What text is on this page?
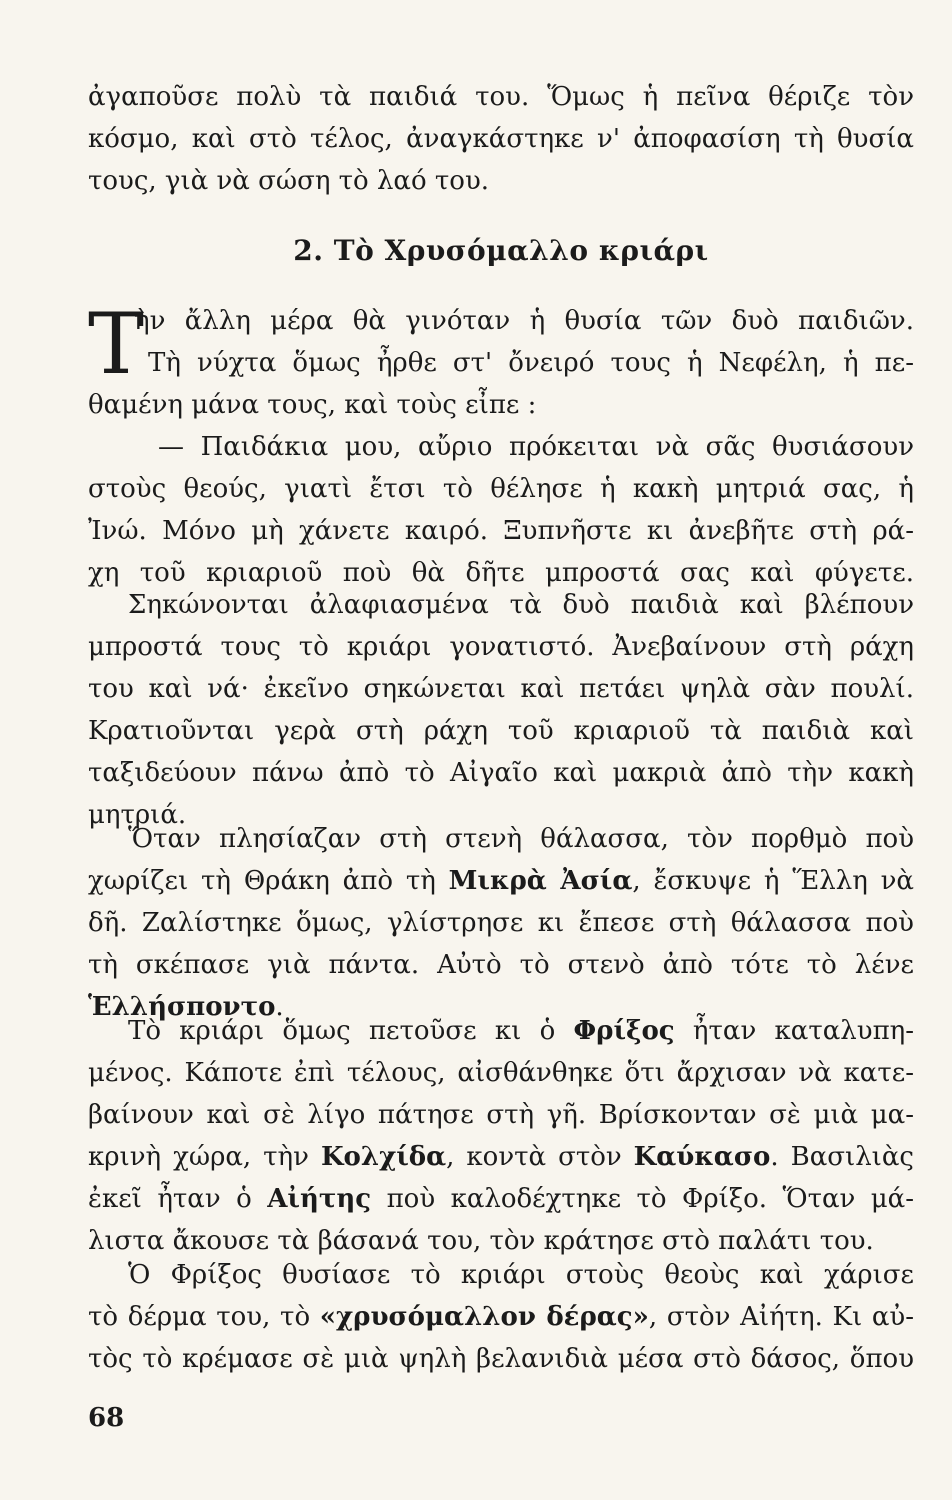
ἀγαποῦσε πολὺ τὰ παιδιά του. Ὅμως ἡ πεῖνα θέριζε τὸν
κόσμο, καὶ στὸ τέλος, ἀναγκάστηκε ν' ἀποφασίση τὴ θυσία
τους, γιὰ νὰ σώση τὸ λαό του.
2. Τὸ Χρυσόμαλλο κριάρι
Τ
ὴν ἄλλη μέρα θὰ γινόταν ἡ θυσία τῶν δυὸ παιδιῶν.
Τὴ νύχτα ὅμως ἦρθε στ' ὄνειρό τους ἡ Νεφέλη, ἡ πε-
θαμένη μάνα τους, καὶ τοὺς εἶπε :
— Παιδάκια μου, αὔριο πρόκειται νὰ σᾶς θυσιάσουν
στοὺς θεούς, γιατὶ ἔτσι τὸ θέλησε ἡ κακὴ μητριά σας, ἡ
Ἰνώ. Μόνο μὴ χάνετε καιρό. Ξυπνῆστε κι ἀνεβῆτε στὴ ρά-
χη τοῦ κριαριοῦ ποὺ θὰ δῆτε μπροστά σας καὶ φύγετε.
Σηκώνονται ἀλαφιασμένα τὰ δυὸ παιδιὰ καὶ βλέπουν
μπροστά τους τὸ κριάρι γονατιστό. Ἀνεβαίνουν στὴ ράχη
του καὶ νά· ἐκεῖνο σηκώνεται καὶ πετάει ψηλὰ σὰν πουλί.
Κρατιοῦνται γερὰ στὴ ράχη τοῦ κριαριοῦ τὰ παιδιὰ καὶ
ταξιδεύουν πάνω ἀπὸ τὸ Αἰγαῖο καὶ μακριὰ ἀπὸ τὴν κακὴ
μητριά.
Ὅταν πλησίαζαν στὴ στενὴ θάλασσα, τὸν πορθμὸ ποὺ
χωρίζει τὴ Θράκη ἀπὸ τὴ Μικρὰ Ἀσία, ἔσκυψε ἡ Ἕλλη νὰ
δῆ. Ζαλίστηκε ὅμως, γλίστρησε κι ἔπεσε στὴ θάλασσα ποὺ
τὴ σκέπασε γιὰ πάντα. Αὐτὸ τὸ στενὸ ἀπὸ τότε τὸ λένε
Ἑλλήσποντο.
Τὸ κριάρι ὅμως πετοῦσε κι ὁ Φρίξος ἦταν καταλυπη-
μένος. Κάποτε ἐπὶ τέλους, αἰσθάνθηκε ὅτι ἄρχισαν νὰ κατε-
βαίνουν καὶ σὲ λίγο πάτησε στὴ γῆ. Βρίσκονταν σὲ μιὰ μα-
κρινὴ χώρα, τὴν Κολχίδα, κοντὰ στὸν Καύκασο. Βασιλιὰς
ἐκεῖ ἦταν ὁ Αἰήτης ποὺ καλοδέχτηκε τὸ Φρίξο. Ὅταν μά-
λιστα ἄκουσε τὰ βάσανά του, τὸν κράτησε στὸ παλάτι του.
Ὁ Φρίξος θυσίασε τὸ κριάρι στοὺς θεοὺς καὶ χάρισε
τὸ δέρμα του, τὸ «χρυσόμαλλον δέρας», στὸν Αἰήτη. Κι αὐ-
τὸς τὸ κρέμασε σὲ μιὰ ψηλὴ βελανιδιὰ μέσα στὸ δάσος, ὅπου
68
